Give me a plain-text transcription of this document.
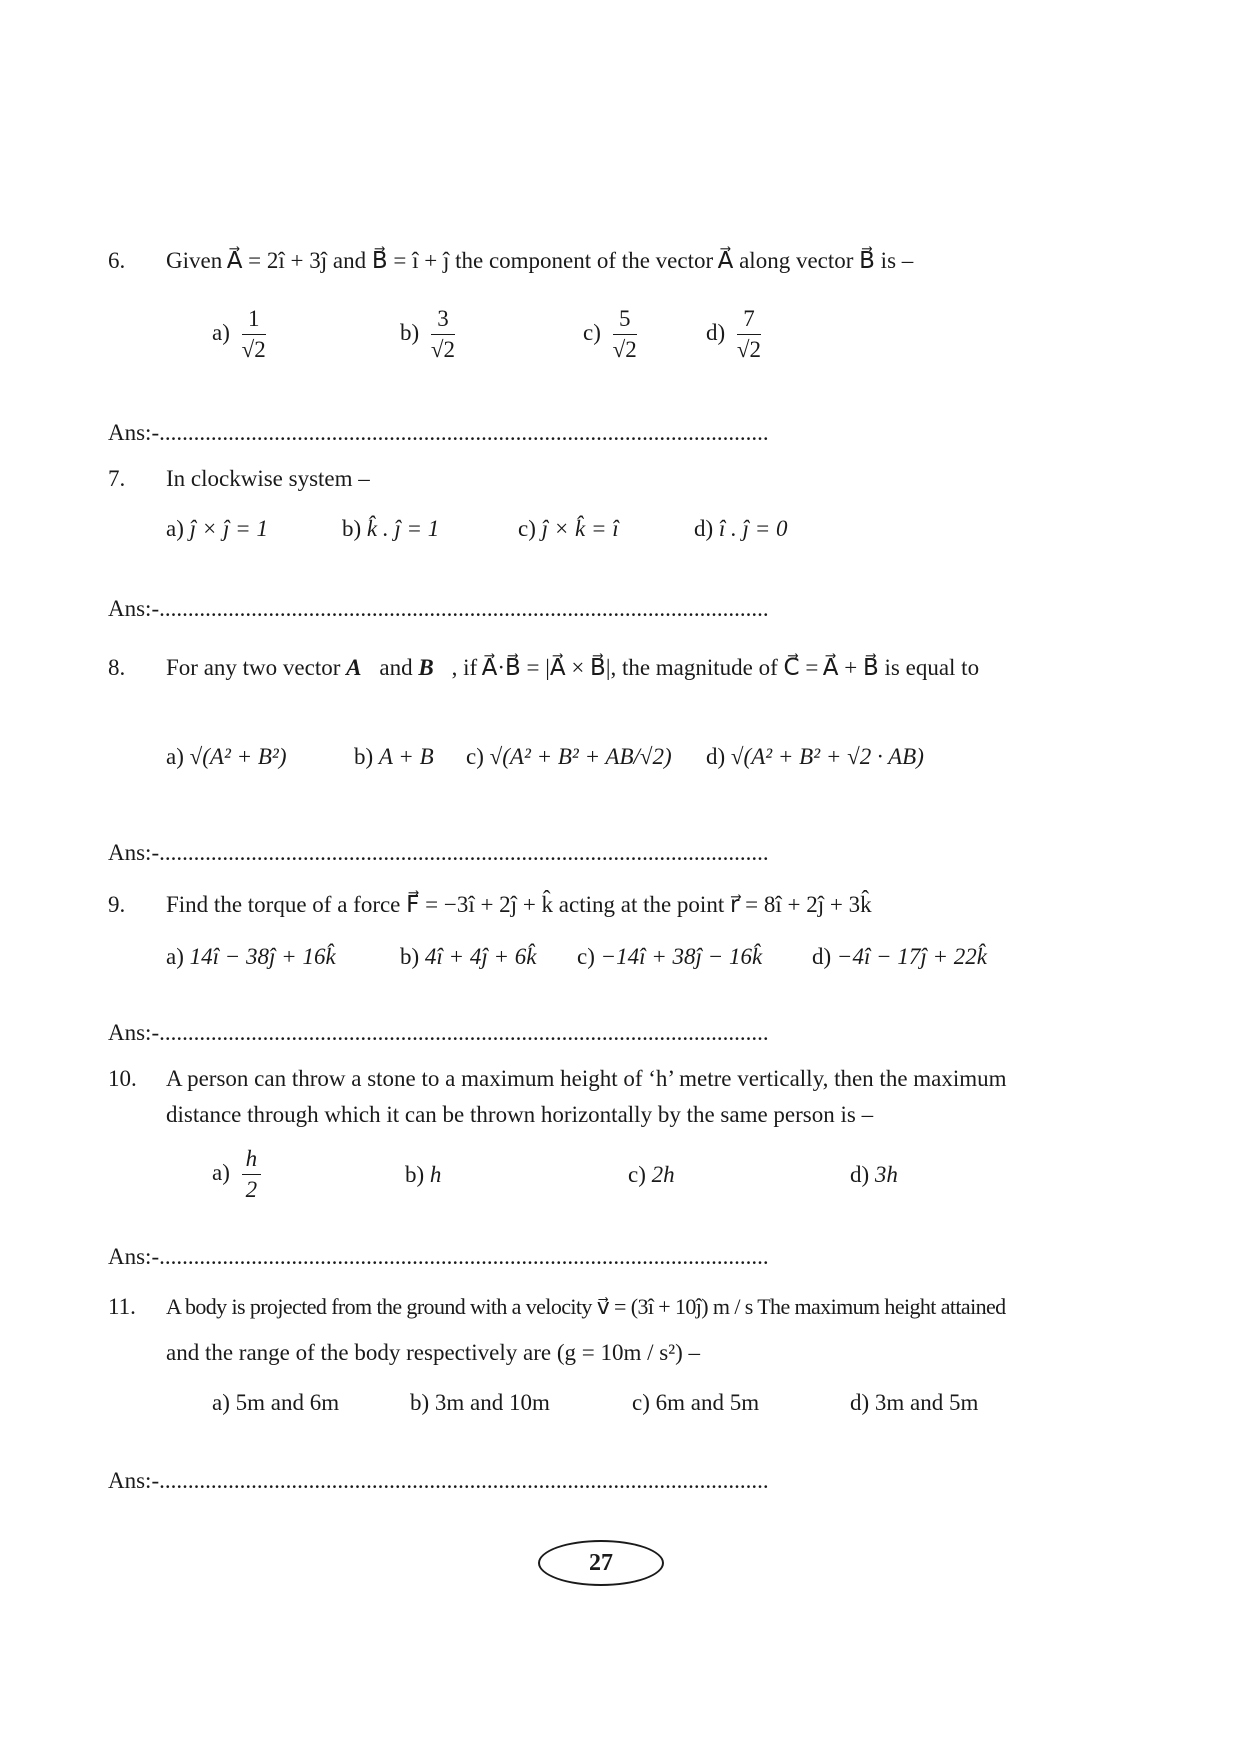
6. Given A⃗ = 2î + 3ĵ and B⃗ = î + ĵ the component of the vector A⃗ along vector B⃗ is –
$a) \frac{1}{√2}$	$b) \frac{3}{√2}$	$c) \frac{5}{√2}$	$d) \frac{7}{√2}$
Ans:-..........................................................................................................
7. In clockwise system –
a) ĵ × ĵ = 1	b) k̂ . ĵ = 1	c) ĵ × k̂ = î	d) î . ĵ = 0
Ans:-..........................................................................................................
8. For any two vector A⃗and B⃗, if A⃗·B⃗ = |A⃗ × B⃗|, the magnitude of C⃗ = A⃗ + B⃗ is equal to
a) √(A² + B²)	b) A + B c) √(A² + B² + AB/√2) d) √(A² + B² + √2 · AB)
Ans:-..........................................................................................................
9. Find the torque of a force F⃗ = −3î + 2ĵ + k̂ acting at the point r⃗ = 8î + 2ĵ + 3k̂
a) 14î − 38ĵ + 16k̂	b) 4î + 4ĵ + 6k̂ c) −14î + 38ĵ − 16k̂ d) −4î − 17ĵ + 22k̂
Ans:-..........................................................................................................
10. A person can throw a stone to a maximum height of ‘h’ metre vertically, then the maximum
distance through which it can be thrown horizontally by the same person is –
$a) \frac{h}{2}$	b) h	c) 2h	d) 3h
Ans:-..........................................................................................................
11. A body is projected from the ground with a velocity v⃗ = (3î + 10ĵ) m / s The maximum height attained
and the range of the body respectively are (g = 10m / s²) –
a) 5m and 6m	b) 3m and 10m	c) 6m and 5m	d) 3m and 5m
Ans:-..........................................................................................................
27
